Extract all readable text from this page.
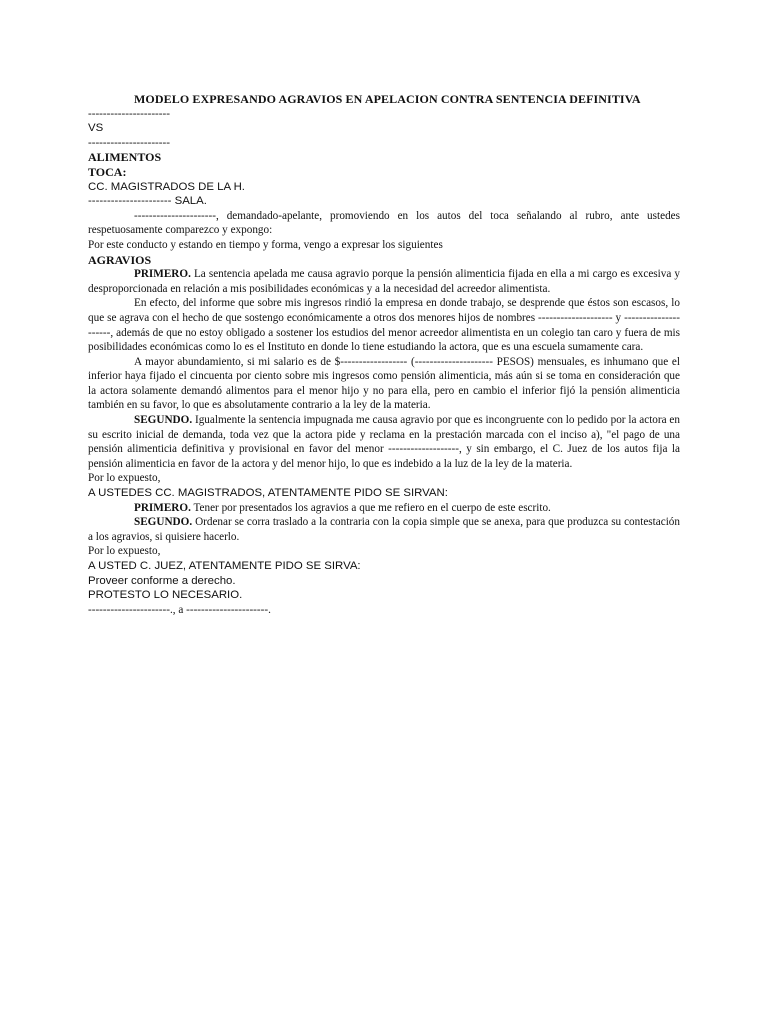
MODELO EXPRESANDO AGRAVIOS EN APELACION CONTRA SENTENCIA DEFINITIVA

----------------------

VS

----------------------

ALIMENTOS

TOCA:

CC. MAGISTRADOS DE LA H.

---------------------- SALA.

----------------------, demandado-apelante, promoviendo en los autos del toca señalando al rubro, ante ustedes respetuosamente comparezco y expongo:

Por este conducto y estando en tiempo y forma, vengo a expresar los siguientes

AGRAVIOS

PRIMERO. La sentencia apelada me causa agravio porque la pensión alimenticia fijada en ella a mi cargo es excesiva y desproporcionada en relación a mis posibilidades económicas y a la necesidad del acreedor alimentista.

En efecto, del informe que sobre mis ingresos rindió la empresa en donde trabajo, se desprende que éstos son escasos, lo que se agrava con el hecho de que sostengo económicamente a otros dos menores hijos de nombres -------------------- y ---------------------, además de que no estoy obligado a sostener los estudios del menor acreedor alimentista en un colegio tan caro y fuera de mis posibilidades económicas como lo es el Instituto en donde lo tiene estudiando la actora, que es una escuela sumamente cara.

A mayor abundamiento, si mi salario es de $------------------ (--------------------- PESOS) mensuales, es inhumano que el inferior haya fijado el cincuenta por ciento sobre mis ingresos como pensión alimenticia, más aún si se toma en consideración que la actora solamente demandó alimentos para el menor hijo y no para ella, pero en cambio el inferior fijó la pensión alimenticia también en su favor, lo que es absolutamente contrario a la ley de la materia.

SEGUNDO. Igualmente la sentencia impugnada me causa agravio por que es incongruente con lo pedido por la actora en su escrito inicial de demanda, toda vez que la actora pide y reclama en la prestación marcada con el inciso a), "el pago de una pensión alimenticia definitiva y provisional en favor del menor -------------------, y sin embargo, el C. Juez de los autos fija la pensión alimenticia en favor de la actora y del menor hijo, lo que es indebido a la luz de la ley de la materia.

Por lo expuesto,

A USTEDES CC. MAGISTRADOS, ATENTAMENTE PIDO SE SIRVAN:

PRIMERO. Tener por presentados los agravios a que me refiero en el cuerpo de este escrito.

SEGUNDO. Ordenar se corra traslado a la contraria con la copia simple que se anexa, para que produzca su contestación a los agravios, si quisiere hacerlo.

Por lo expuesto,

A USTED C. JUEZ, ATENTAMENTE PIDO SE SIRVA:

Proveer conforme a derecho.

PROTESTO LO NECESARIO.

----------------------., a ----------------------.
